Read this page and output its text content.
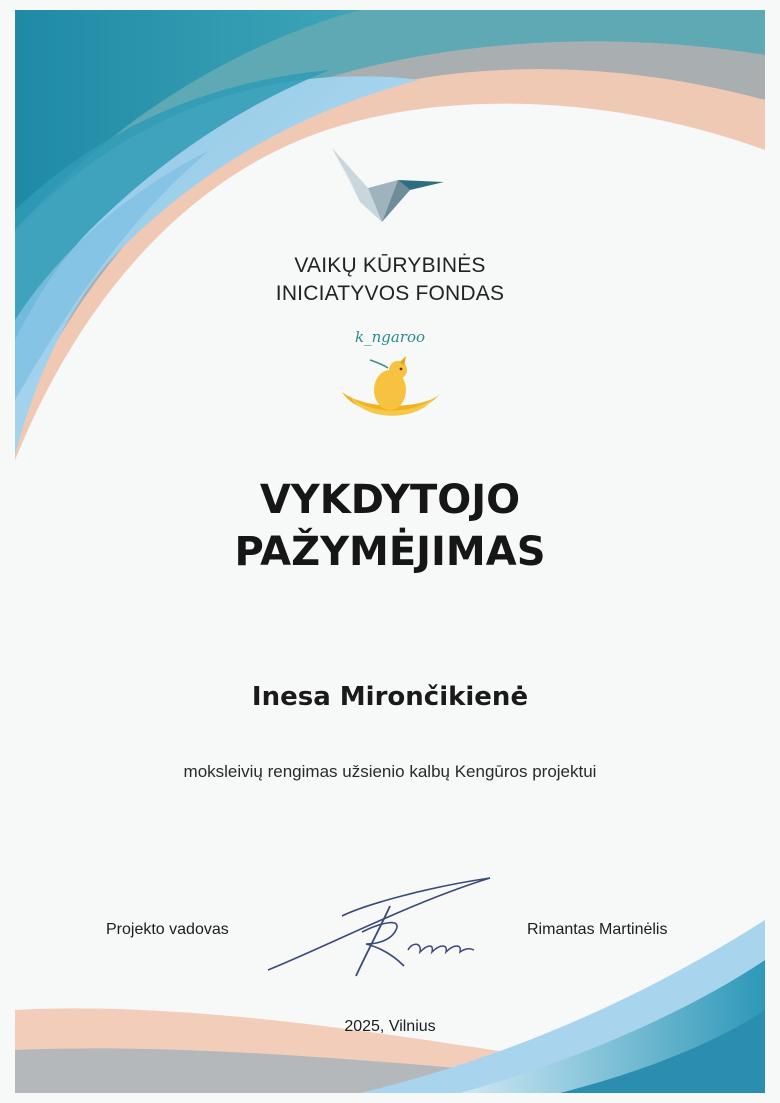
VAIKŲ KŪRYBINĖS
INICIATYVOS FONDAS
k_ngaroo
VYKDYTOJO
PAŽYMĖJIMAS
Inesa Mirončikienė
moksleivių rengimas užsienio kalbų Kengūros projektui
Projekto vadovas	Rimantas Martinėlis
2025, Vilnius
